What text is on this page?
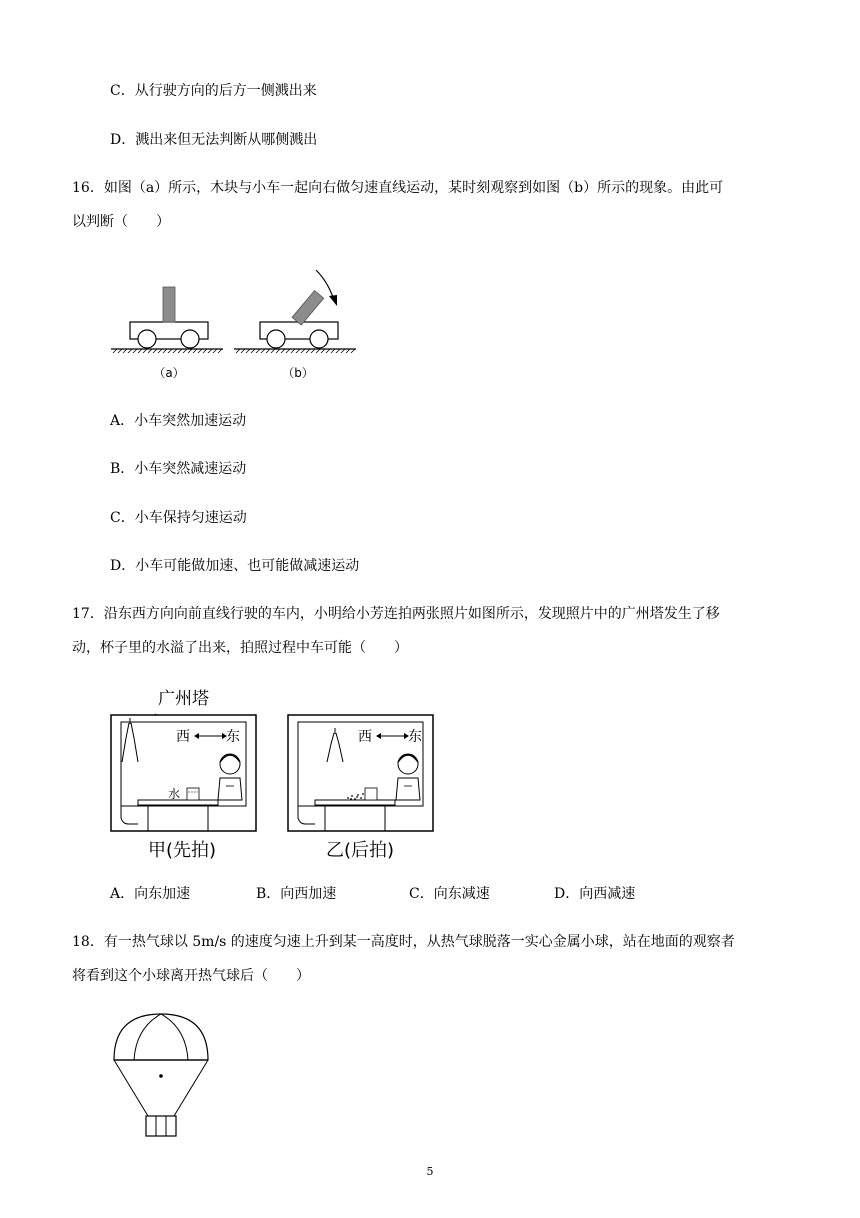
C．从行驶方向的后方一侧溅出来
D．溅出来但无法判断从哪侧溅出
16．如图（a）所示，木块与小车一起向右做匀速直线运动，某时刻观察到如图（b）所示的现象。由此可
以判断（　　）
（a）	（b）
A．小车突然加速运动
B．小车突然减速运动
C．小车保持匀速运动
D．小车可能做加速、也可能做减速运动
17．沿东西方向向前直线行驶的车内，小明给小芳连拍两张照片如图所示，发现照片中的广州塔发生了移
动，杯子里的水溢了出来，拍照过程中车可能（　　）
广州塔
西	东
水
西	东
甲(先拍)	乙(后拍)
A．向东加速	B．向西加速	C．向东减速	D．向西减速
18．有一热气球以 5m/s 的速度匀速上升到某一高度时，从热气球脱落一实心金属小球，站在地面的观察者
将看到这个小球离开热气球后（　　）
5
